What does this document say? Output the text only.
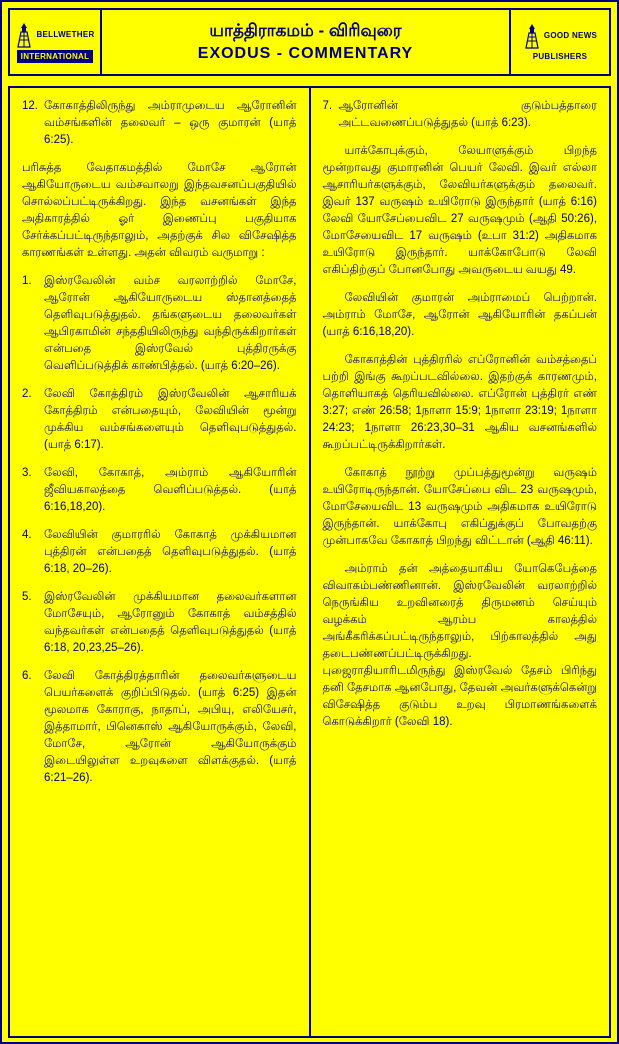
BELLWETHER
INTERNATIONAL
யாத்திராகமம் - விரிவுரை
EXODUS - COMMENTARY
GOOD NEWS
PUBLISHERS
12. கோகாத்திலிருந்து அம்ராமுடைய ஆரோனின் வம்சங்களின் தலைவர் – ஒரு குமாரன் (யாத் 6:25).

பரிசுத்த வேதாகமத்தில் மோசே ஆரோன் ஆகியோருடைய வம்சவாலறு இந்தவசனப்பகுதியில் சொல்லப்பட்டிருக்கிறது. இந்த வசனங்கள் இந்த அதிகாரத்தில் ஓர் இணைப்பு பகுதியாக சேர்க்கப்பட்டிருந்தாலும், அதற்குக் சில விசேஷித்த காரணங்கள் உள்ளது. அதன் விவரம் வருமாறு :

1.	இஸ்ரவேலின் வம்ச வரலாற்றில் மோசே, ஆரோன் ஆகியோருடைய ஸ்தானத்தைத் தெளிவுபடுத்துதல். தங்களுடைய தலைவர்கள் ஆபிரகாமின் சந்ததியிலிருந்து வந்திருக்கிறார்கள் என்பதை இஸ்ரவேல் புத்திரருக்கு வெளிப்படுத்திக் காண்பித்தல். (யாத் 6:20–26).
2.	லேவி கோத்திரம் இஸ்ரவேலின் ஆசாரியக் கோத்திரம் என்பதையும், லேவியின் மூன்று முக்கிய வம்சங்களையும் தெளிவுபடுத்துதல். (யாத் 6:17).
3.	லேவி, கோகாத், அம்ராம் ஆகியோரின் ஜீவியகாலத்தை வெளிப்படுத்தல். (யாத் 6:16,18,20).
4.	லேவியின் குமாரரில் கோகாத் முக்கியமான புத்திரன் என்பதைத் தெளிவுபடுத்துதல். (யாத் 6:18, 20–26).
5.	இஸ்ரவேலின் முக்கியமான தலைவர்களான மோசேயும், ஆரோனும் கோகாத் வம்சத்தில் வந்தவர்கள் என்பதைத் தெளிவுபடுத்துதல் (யாத் 6:18, 20,23,25–26).
6.	லேவி கோத்திரத்தாரின் தலைவர்களுடைய பெயர்களைக் குறிப்பிடுதல். (யாத் 6:25) இதன் மூலமாக கோராகு, நாதாப், அபியு, எலியேசர், இத்தாமார், பினெகாஸ் ஆகியோருக்கும், லேவி, மோசே, ஆரோன் ஆகியோருக்கும் இடையிலுள்ள உறவுகளை விளக்குதல். (யாத் 6:21–26).
7. ஆரோனின் குடும்பத்தாரை அட்டவணைப்படுத்துதல் (யாத் 6:23).

யாக்கோபுக்கும், லேயாளுக்கும் பிறந்த மூன்றாவது குமாரனின் பெயர் லேவி. இவர் எல்லா ஆசாரியர்களுக்கும், லேவியர்களுக்கும் தலைவர். இவர் 137 வருஷம் உயிரோடு இருந்தார் (யாத் 6:16) லேவி யோசேப்பைவிட 27 வருஷமும் (ஆதி 50:26), மோசேயைவிட 17 வருஷம் (உபா 31:2) அதிகமாக உயிரோடு இருந்தார். யாக்கோபோடு லேவி எகிப்திற்குப் போனபோது அவருடைய வயது 49.

லேவியின் குமாரன் அம்ராமைப் பெற்றான். அம்ராம் மோசே, ஆரோன் ஆகியோரின் தகப்பன் (யாத் 6:16,18,20).

கோகாத்தின் புத்திரரில் எப்ரோனின் வம்சத்தைப் பற்றி இங்கு கூறப்படவில்லை. இதற்குக் காரணமும், தொளியாகத் தெரியவில்லை. எப்ரோன் புத்திரர் எண் 3:27; எண் 26:58; 1நாளா 15:9; 1நாளா 23:19; 1நாளா 24:23; 1நாளா 26:23,30–31 ஆகிய வசனங்களில் கூறப்பட்டிருக்கிறார்கள்.

கோகாத் நூற்று முப்பத்துமூன்று வருஷம் உயிரோடிருந்தான். யோசேப்பை விட 23 வருஷமும், மோசேயைவிட 13 வருஷமும் அதிகமாக உயிரோடு இருந்தான். யாக்கோபு எகிப்துக்குப் போவதற்கு முன்பாகவே கோகாத் பிறந்து விட்டான் (ஆதி 46:11).

அம்ராம் தன் அத்தையாகிய யோகெபேத்தை விவாகம்பண்ணினான். இஸ்ரவேலின் வரலாற்றில் நெருங்கிய உறவினரைத் திருமணம் செய்யும் வழக்கம் ஆரம்ப காலத்தில் அங்கீகரிக்கப்பட்டிருந்தாலும், பிற்காலத்தில் அது தடைபண்ணப்பட்டிருக்கிறது. புஜைராதியாரிடமிருந்து இஸ்ரவேல் தேசம் பிரிந்து தனி தேசமாக ஆனபோது, தேவன் அவர்களுக்கென்று விசேஷித்த குடும்ப உறவு பிரமாணங்களைக் கொடுக்கிறார் (லேவி 18).
